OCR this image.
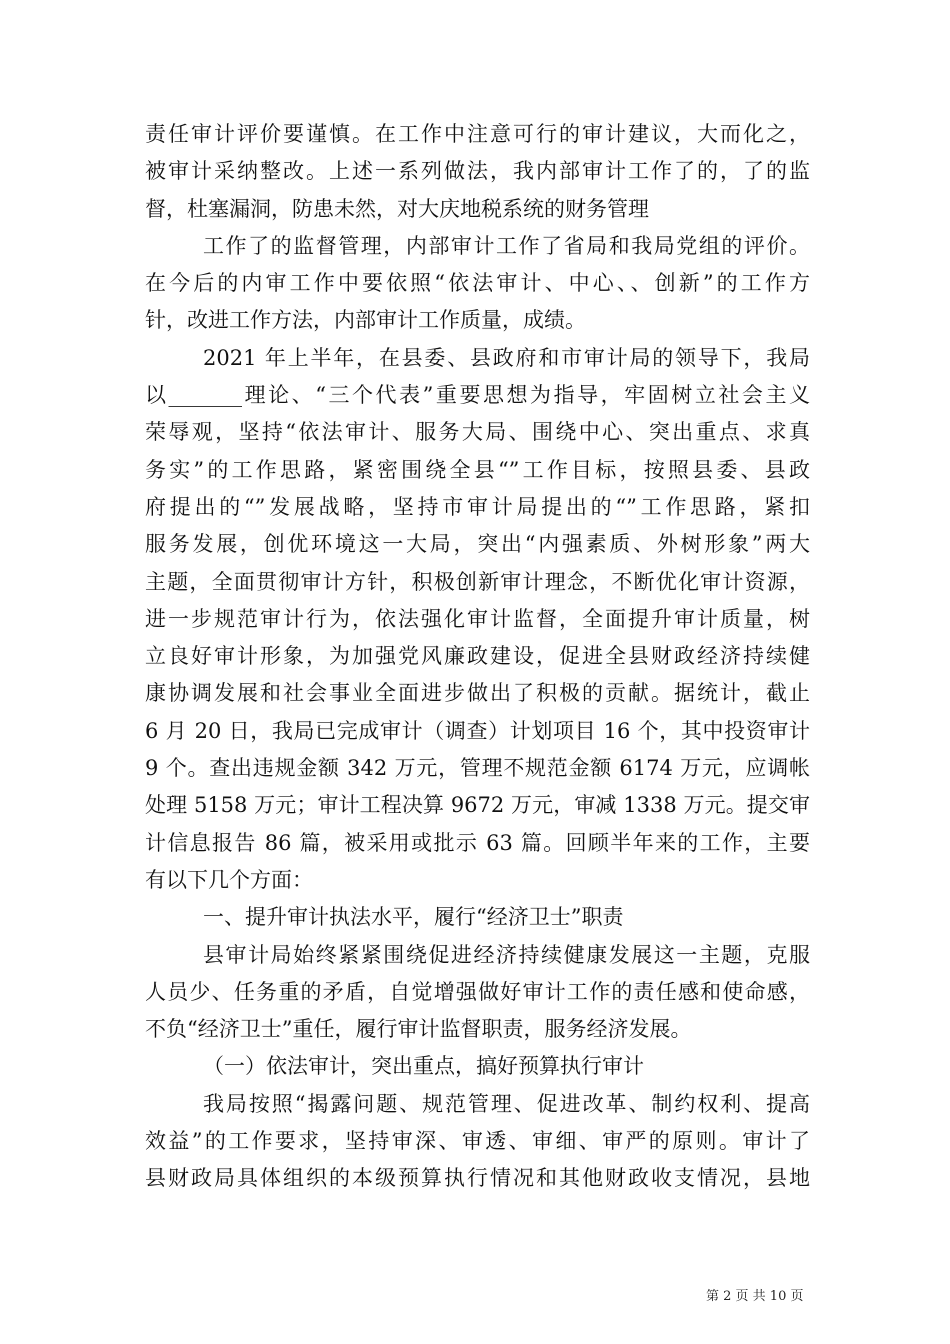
责任审计评价要谨慎。在工作中注意可行的审计建议，大而化之，
被审计采纳整改。上述一系列做法，我内部审计工作了的，了的监
督，杜塞漏洞，防患未然，对大庆地税系统的财务管理
工作了的监督管理，内部审计工作了省局和我局党组的评价。
在今后的内审工作中要依照“依法审计、中心、、创新”的工作方
针，改进工作方法，内部审计工作质量，成绩。
2021 年上半年，在县委、县政府和市审计局的领导下，我局
以_______理论、“三个代表”重要思想为指导，牢固树立社会主义
荣辱观，坚持“依法审计、服务大局、围绕中心、突出重点、求真
务实”的工作思路，紧密围绕全县“”工作目标，按照县委、县政
府提出的“”发展战略，坚持市审计局提出的“”工作思路，紧扣
服务发展，创优环境这一大局，突出“内强素质、外树形象”两大
主题，全面贯彻审计方针，积极创新审计理念，不断优化审计资源，
进一步规范审计行为，依法强化审计监督，全面提升审计质量，树
立良好审计形象，为加强党风廉政建设，促进全县财政经济持续健
康协调发展和社会事业全面进步做出了积极的贡献。据统计，截止
6 月 20 日，我局已完成审计（调查）计划项目 16 个，其中投资审计
9 个。查出违规金额 342 万元，管理不规范金额 6174 万元，应调帐
处理 5158 万元；审计工程决算 9672 万元，审减 1338 万元。提交审
计信息报告 86 篇，被采用或批示 63 篇。回顾半年来的工作，主要
有以下几个方面：
一、提升审计执法水平，履行“经济卫士”职责
县审计局始终紧紧围绕促进经济持续健康发展这一主题，克服
人员少、任务重的矛盾，自觉增强做好审计工作的责任感和使命感，
不负“经济卫士”重任，履行审计监督职责，服务经济发展。
（一）依法审计，突出重点，搞好预算执行审计
我局按照“揭露问题、规范管理、促进改革、制约权利、提高
效益”的工作要求，坚持审深、审透、审细、审严的原则。审计了
县财政局具体组织的本级预算执行情况和其他财政收支情况，县地
第 2 页 共 10 页
